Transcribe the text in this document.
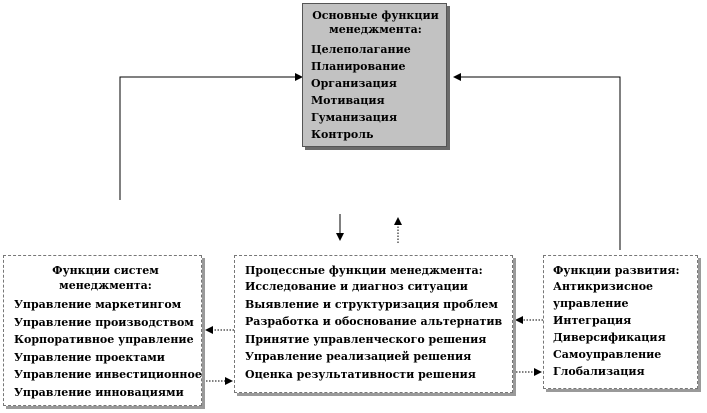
Основные функции
менеджмента:
Целеполагание
Планирование
Организация
Мотивация
Гуманизация
Контроль
Функции систем
менеджмента:
Управление маркетингом
Управление производством
Корпоративное управление
Управление проектами
Управление инвестиционное
Управление инновациями
Процессные функции менеджмента:
Исследование и диагноз ситуации
Выявление и структуризация проблем
Разработка и обоснование альтернатив
Принятие управленческого решения
Управление реализацией решения
Оценка результативности решения
Функции развития:
Антикризисное
управление
Интеграция
Диверсификация
Самоуправление
Глобализация
